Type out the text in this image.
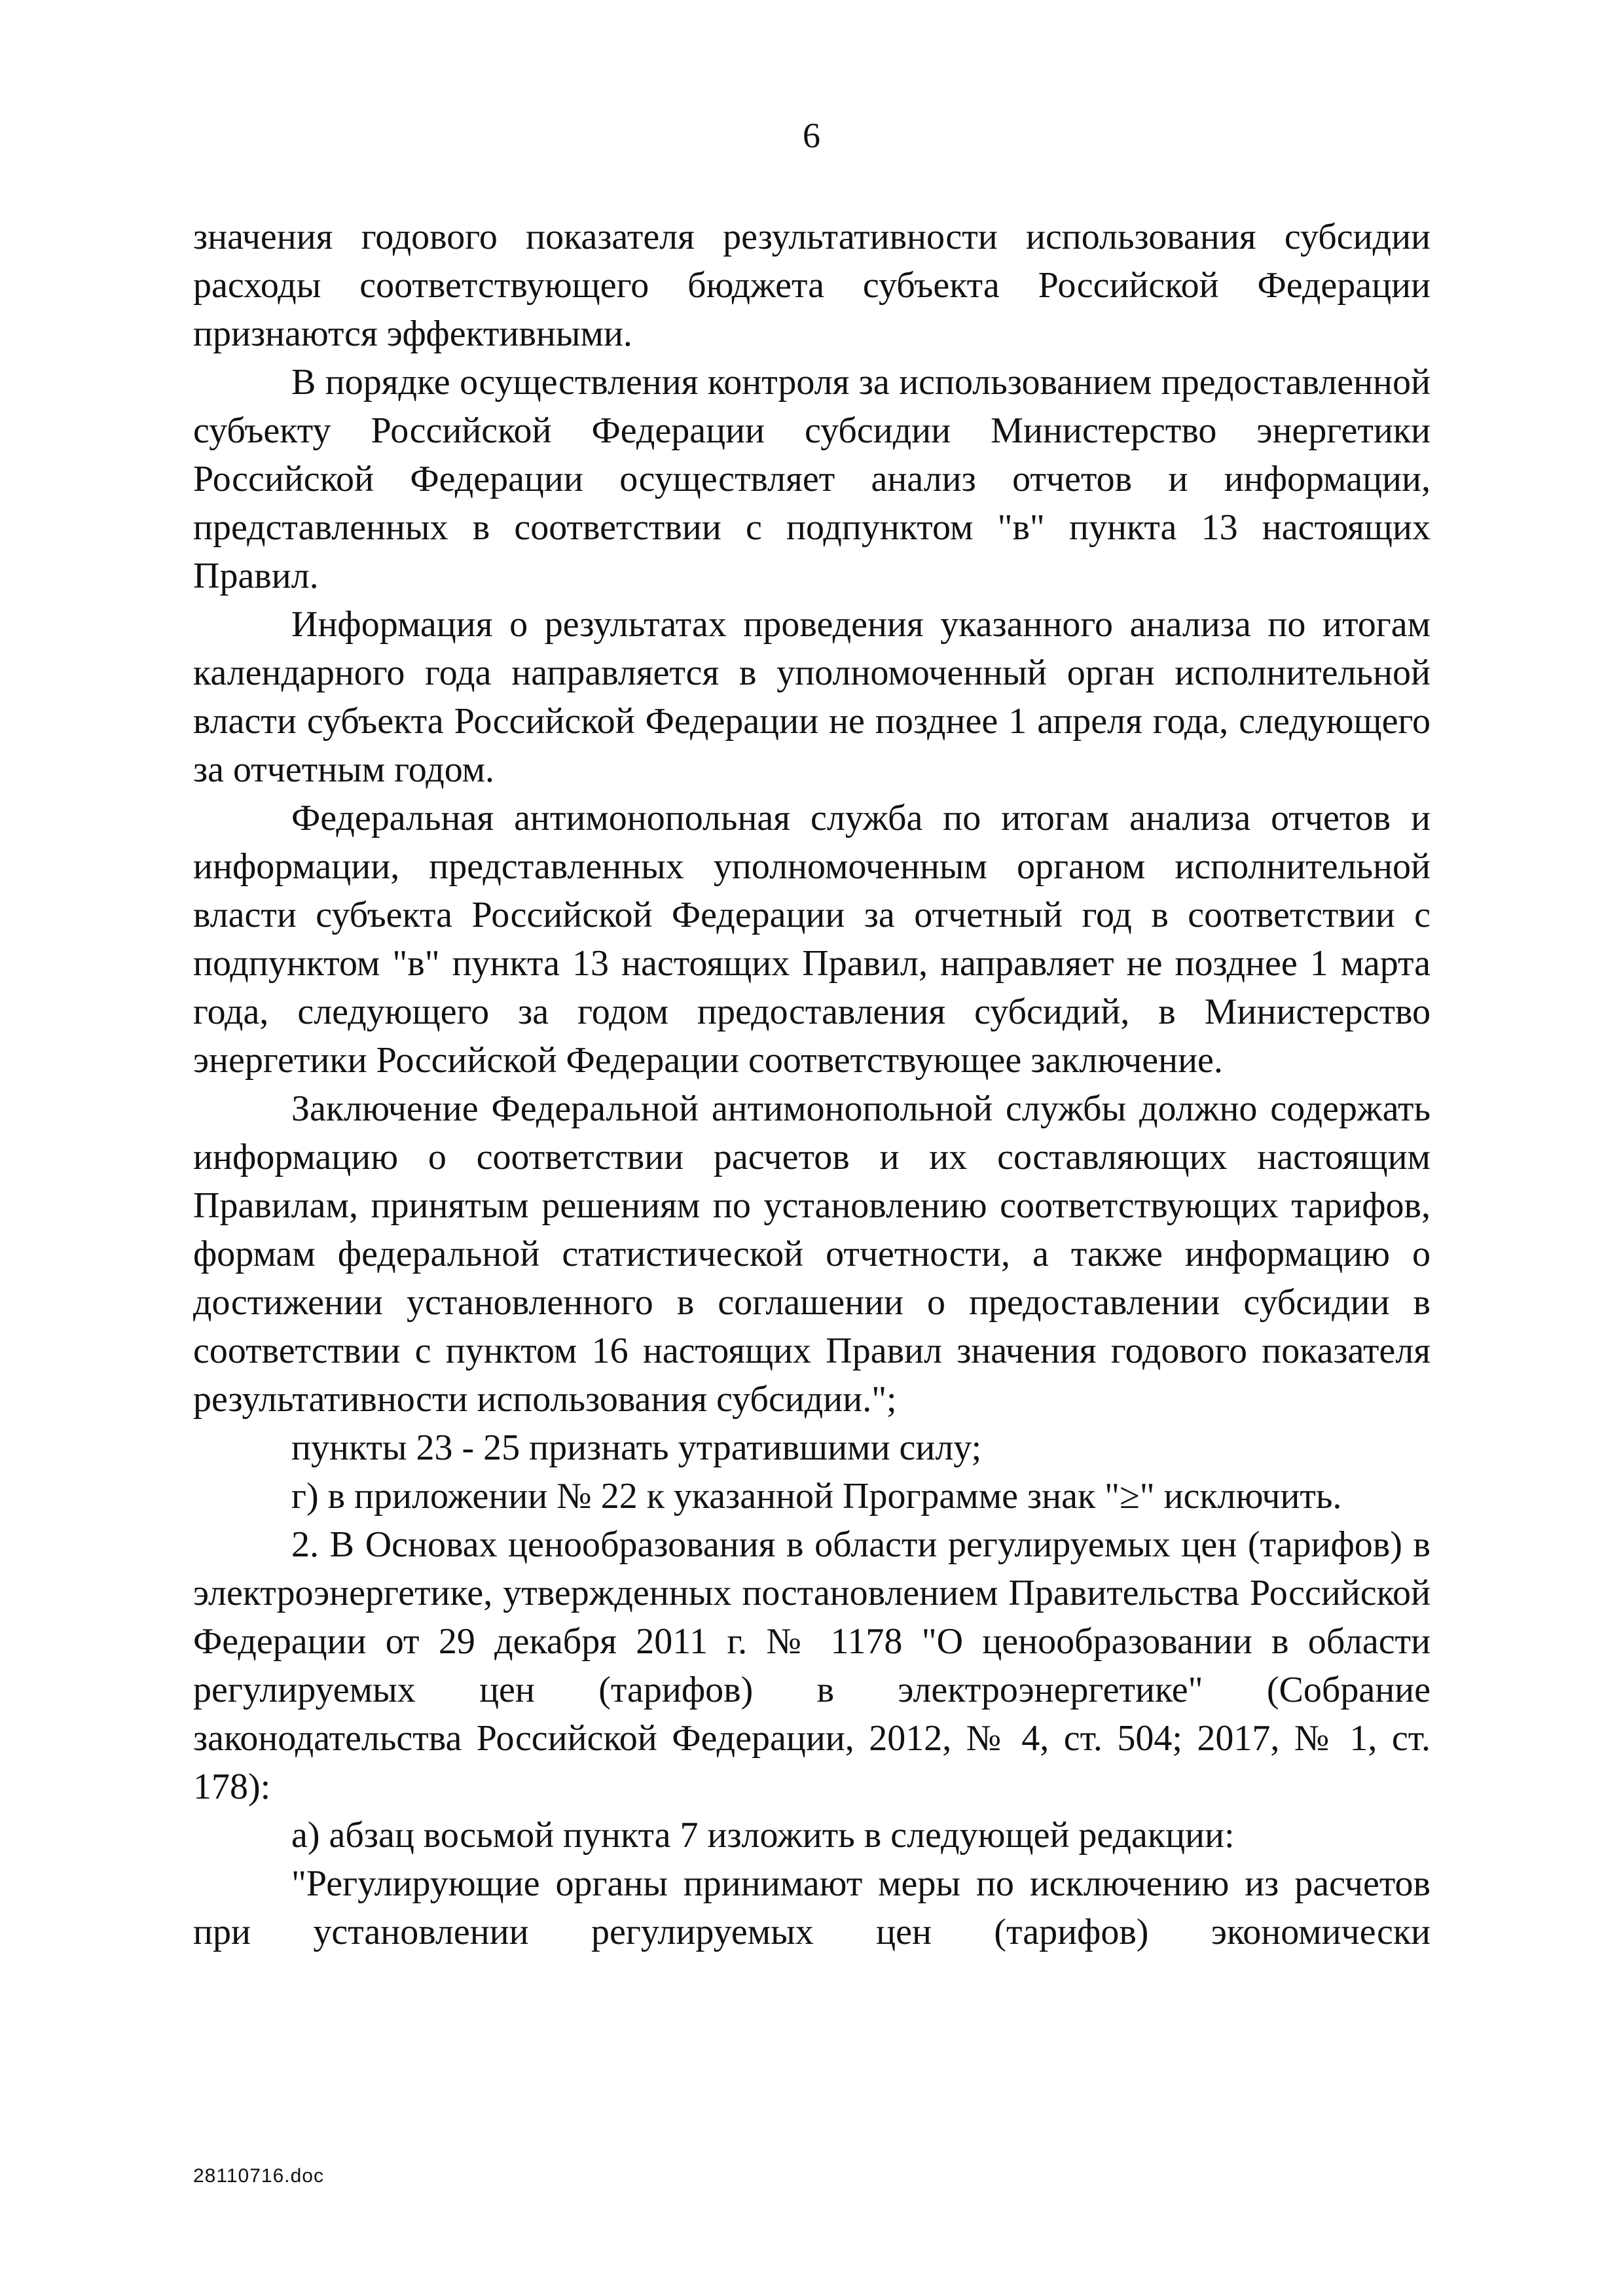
6

значения годового показателя результативности использования субсидии расходы соответствующего бюджета субъекта Российской Федерации признаются эффективными.

В порядке осуществления контроля за использованием предоставленной субъекту Российской Федерации субсидии Министерство энергетики Российской Федерации осуществляет анализ отчетов и информации, представленных в соответствии с подпунктом "в" пункта 13 настоящих Правил.

Информация о результатах проведения указанного анализа по итогам календарного года направляется в уполномоченный орган исполнительной власти субъекта Российской Федерации не позднее 1 апреля года, следующего за отчетным годом.

Федеральная антимонопольная служба по итогам анализа отчетов и информации, представленных уполномоченным органом исполнительной власти субъекта Российской Федерации за отчетный год в соответствии с подпунктом "в" пункта 13 настоящих Правил, направляет не позднее 1 марта года, следующего за годом предоставления субсидий, в Министерство энергетики Российской Федерации соответствующее заключение.

Заключение Федеральной антимонопольной службы должно содержать информацию о соответствии расчетов и их составляющих настоящим Правилам, принятым решениям по установлению соответствующих тарифов, формам федеральной статистической отчетности, а также информацию о достижении установленного в соглашении о предоставлении субсидии в соответствии с пунктом 16 настоящих Правил значения годового показателя результативности использования субсидии.";

пункты 23 - 25 признать утратившими силу;

г) в приложении № 22 к указанной Программе знак "≥" исключить.

2. В Основах ценообразования в области регулируемых цен (тарифов) в электроэнергетике, утвержденных постановлением Правительства Российской Федерации от 29 декабря 2011 г. № 1178 "О ценообразовании в области регулируемых цен (тарифов) в электроэнергетике" (Собрание законодательства Российской Федерации, 2012, № 4, ст. 504; 2017, № 1, ст. 178):

а) абзац восьмой пункта 7 изложить в следующей редакции:

"Регулирующие органы принимают меры по исключению из расчетов при установлении регулируемых цен (тарифов) экономически

28110716.doc
